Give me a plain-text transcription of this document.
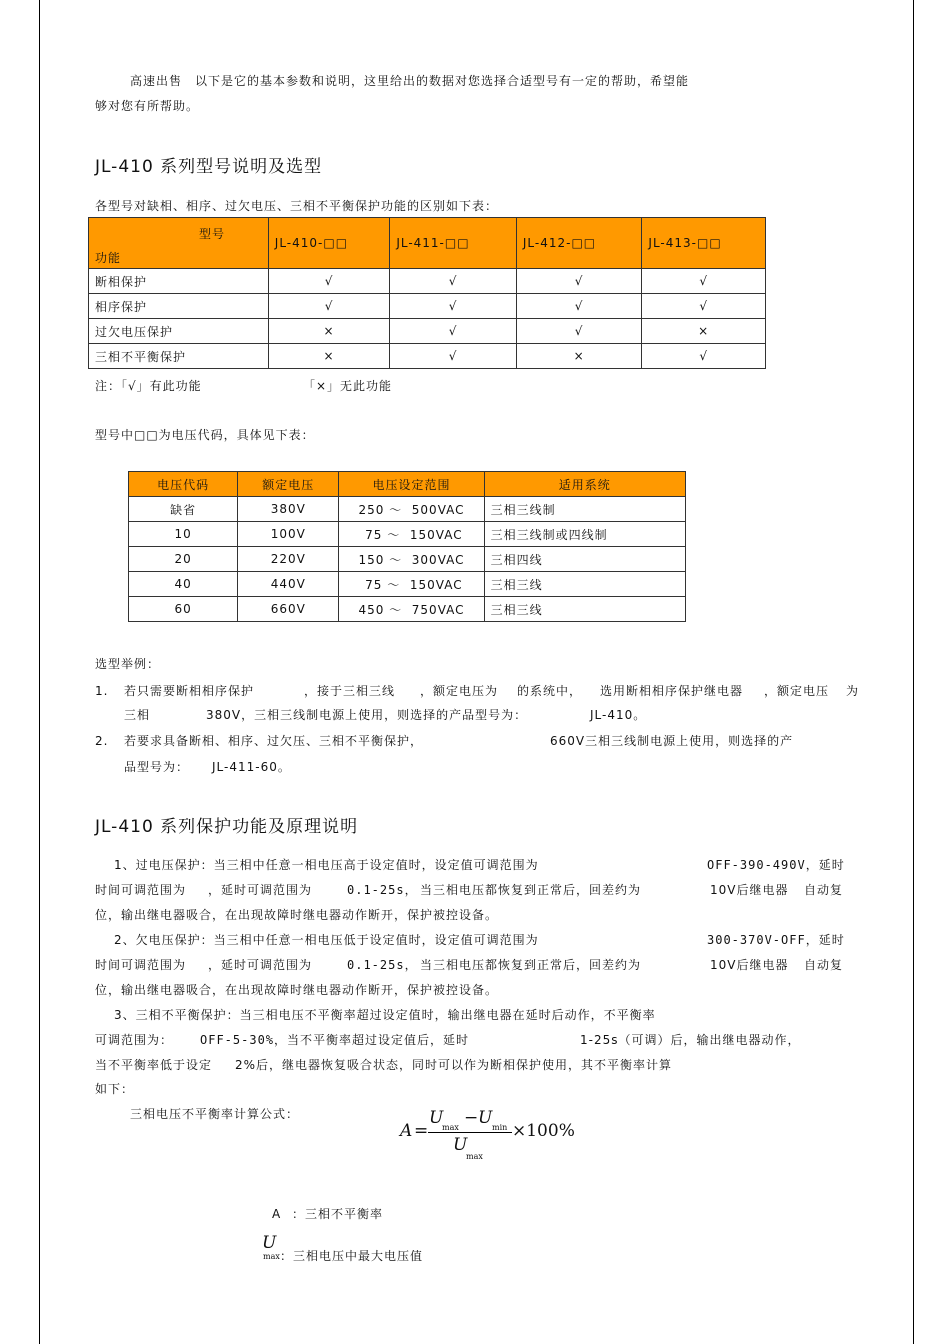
高速出售 以下是它的基本参数和说明，这里给出的数据对您选择合适型号有一定的帮助，希望能
够对您有所帮助。
JL-410 系列型号说明及选型
各型号对缺相、相序、过欠电压、三相不平衡保护功能的区别如下表：
型号
功能	JL-410-□□	JL-411-□□	JL-412-□□	JL-413-□□
断相保护	√	√	√	√
相序保护	√	√	√	√
过欠电压保护	×	√	√	×
三相不平衡保护	×	√	×	√
注：「√」有此功能	「×」无此功能
型号中□□为电压代码，具体见下表：
电压代码	额定电压	电压设定范围	适用系统
缺省	380V	250 ～  500VAC	三相三线制
10	100V	75 ～  150VAC	三相三线制或四线制
20	220V	150 ～  300VAC	三相四线
40	440V	75 ～  150VAC	三相三线
60	660V	450 ～  750VAC	三相三线
选型举例：
1. 若只需要断相相序保护	，接于三相三线 ，额定电压为 的系统中， 选用断相相序保护继电器 ，额定电压 为
三相	380V，三相三线制电源上使用，则选择的产品型号为：	JL-410。
2. 若要求具备断相、相序、过欠压、三相不平衡保护，	660V三相三线制电源上使用，则选择的产
品型号为： JL-411-60。
JL-410 系列保护功能及原理说明
1、过电压保护：当三相中任意一相电压高于设定值时，设定值可调范围为	OFF-390-490V，延时
时间可调范围为 ，延时可调范围为	0.1-25s， 当三相电压都恢复到正常后，回差约为	10V后继电器 自动复
位，输出继电器吸合，在出现故障时继电器动作断开，保护被控设备。
2、欠电压保护：当三相中任意一相电压低于设定值时，设定值可调范围为	300-370V-OFF，延时
时间可调范围为 ，延时可调范围为	0.1-25s， 当三相电压都恢复到正常后，回差约为	10V后继电器 自动复
位，输出继电器吸合，在出现故障时继电器动作断开，保护被控设备。
3、三相不平衡保护：当三相电压不平衡率超过设定值时，输出继电器在延时后动作，不平衡率
可调范围为： OFF-5-30%，当不平衡率超过设定值后，延时	1-25s（可调）后，输出继电器动作，
当不平衡率低于设定 2%后，继电器恢复吸合状态，同时可以作为断相保护使用，其不平衡率计算
如下：
三相电压不平衡率计算公式：
A =
U
max − U min ×100%
U
max
A ：三相不平衡率
U
max ：三相电压中最大电压值
